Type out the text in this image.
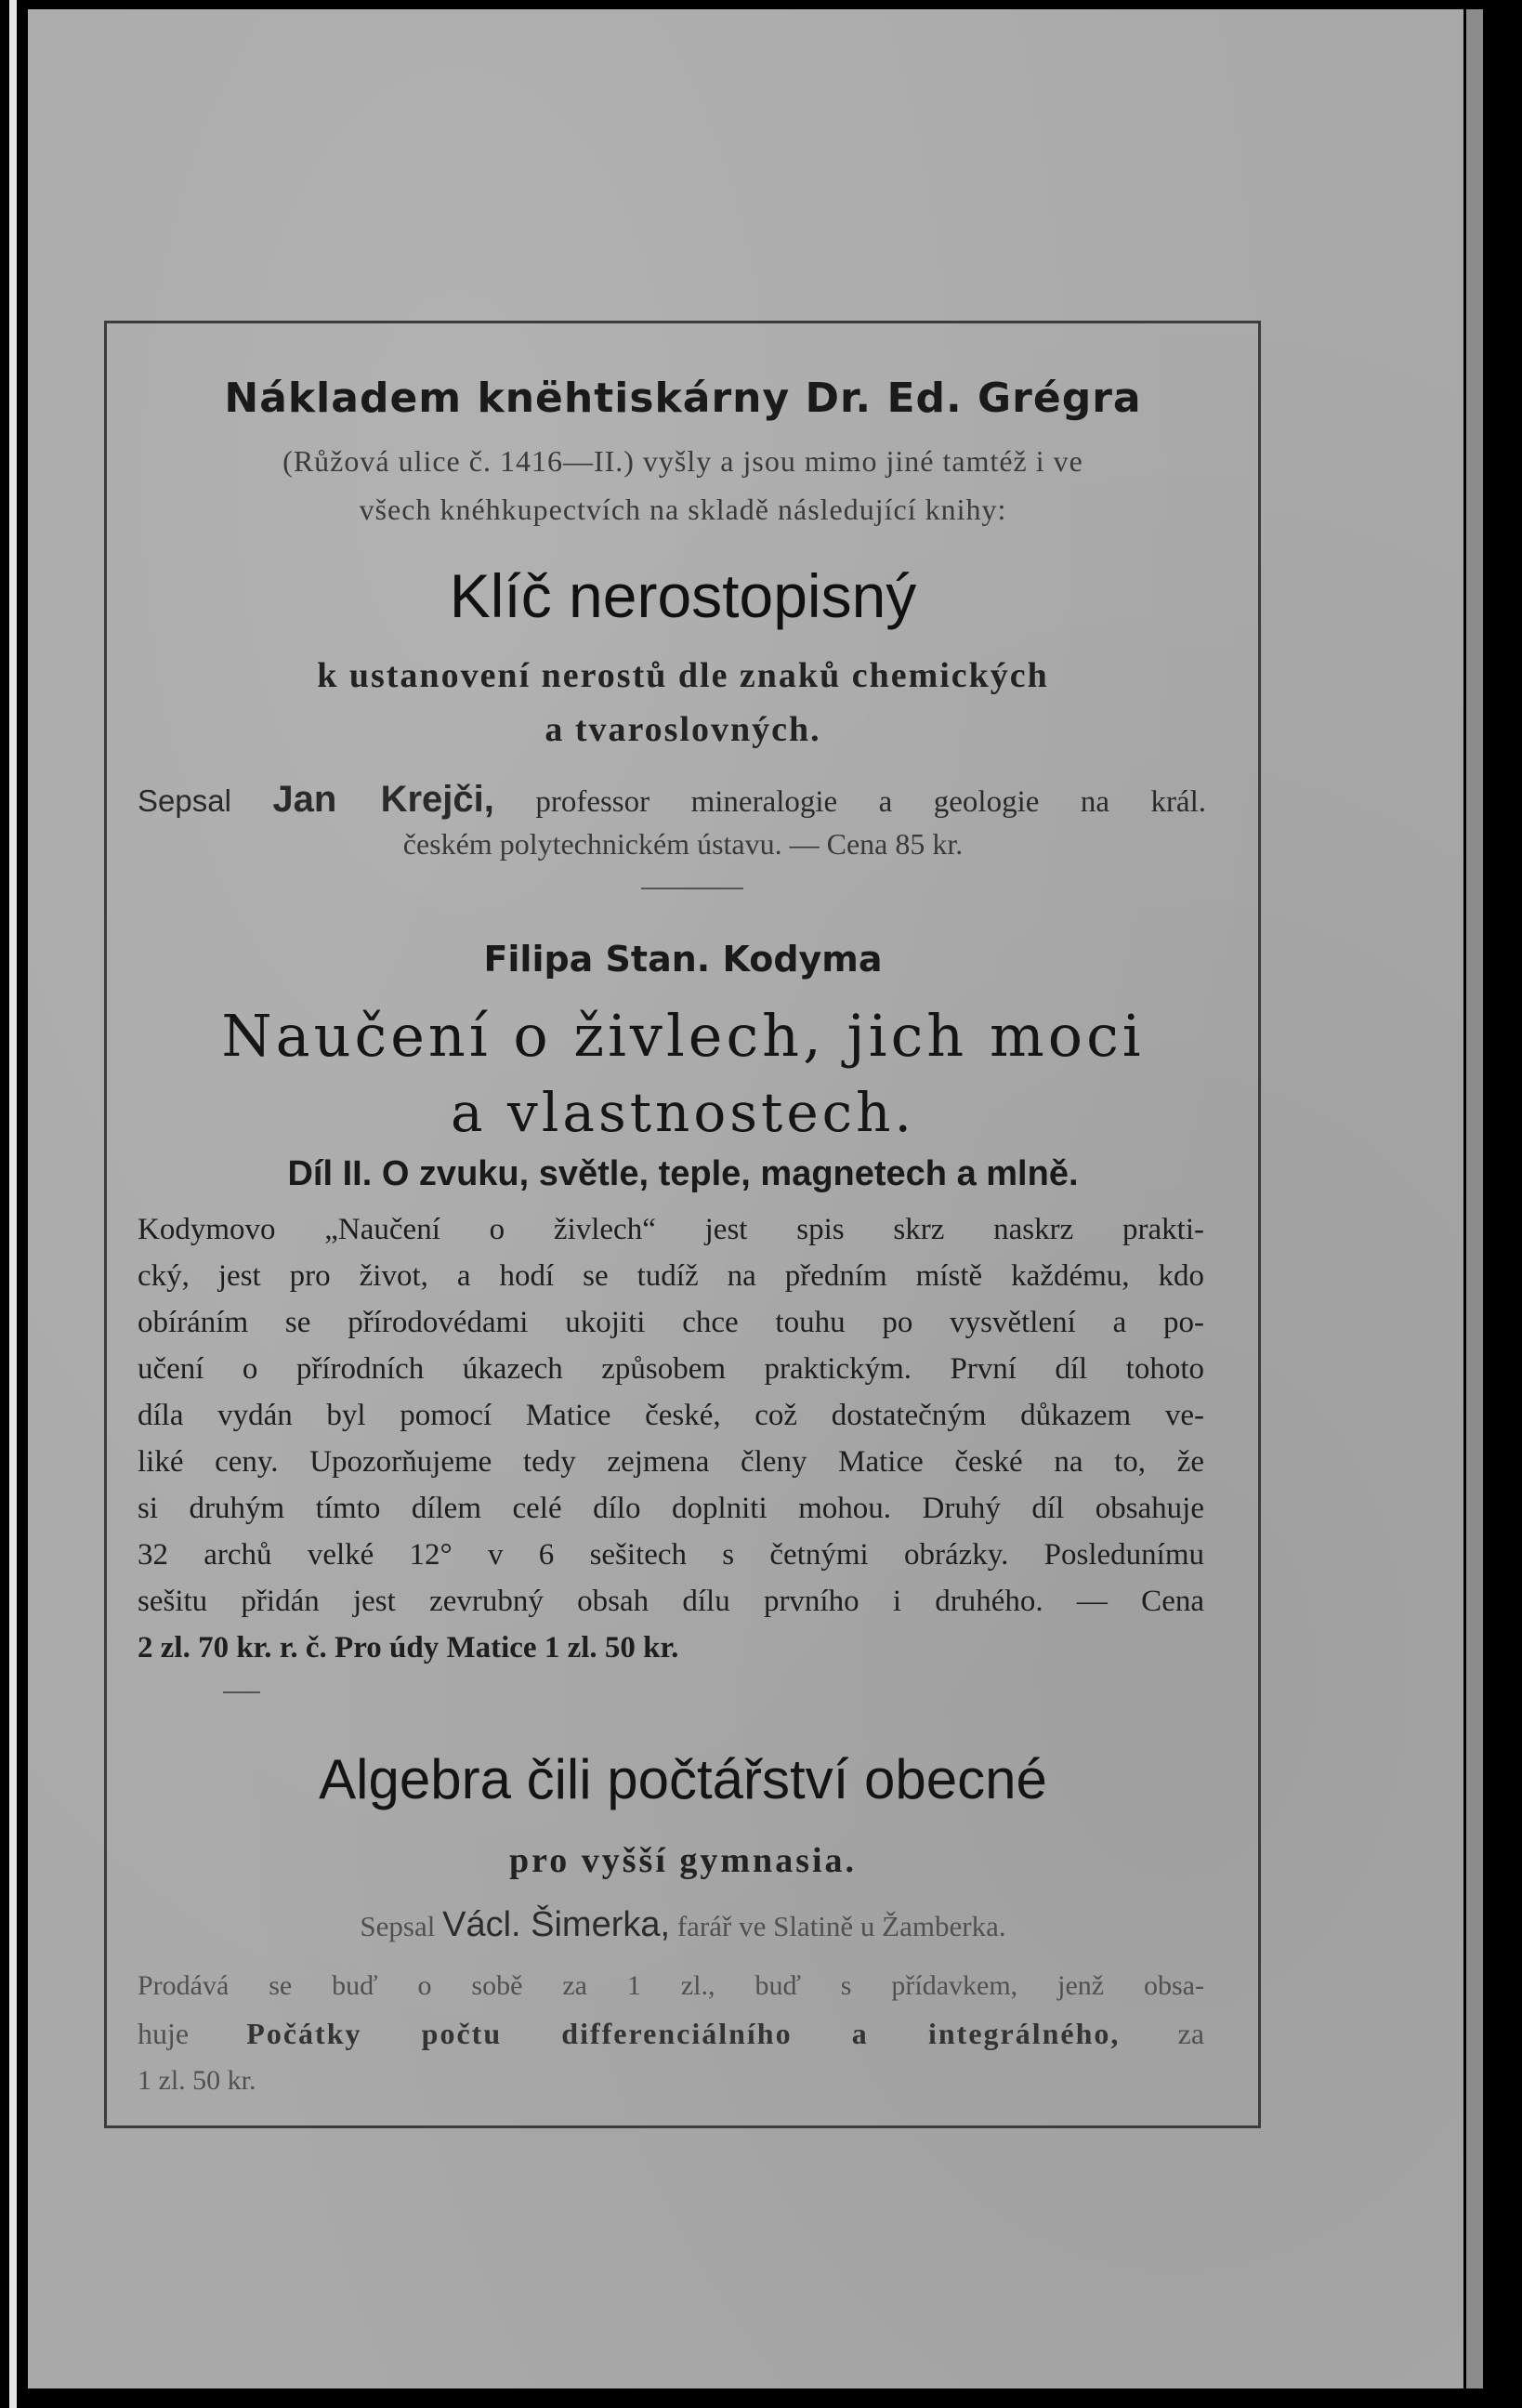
Nákladem knëhtiskárny Dr. Ed. Grégra
(Růžová ulice č. 1416—II.) vyšly a jsou mimo jiné tamtéž i ve
všech knéhkupectvích na skladě následující knihy:
Klíč nerostopisný
k ustanovení nerostů dle znaků chemických
a tvaroslovných.
Sepsal Jan Krejči, professor mineralogie a geologie na král.
českém polytechnickém ústavu. — Cena 85 kr.
Filipa Stan. Kodyma
Naučení o živlech, jich moci
a vlastnostech.
Díl II. O zvuku, světle, teple, magnetech a mlně.
Kodymovo „Naučení o živlech“ jest spis skrz naskrz prakti-
cký, jest pro život, a hodí se tudíž na předním místě každému, kdo
obíráním se přírodovédami ukojiti chce touhu po vysvětlení a po-
učení o přírodních úkazech způsobem praktickým. První díl tohoto
díla vydán byl pomocí Matice české, což dostatečným důkazem ve-
liké ceny. Upozorňujeme tedy zejmena členy Matice české na to, že
si druhým tímto dílem celé dílo doplniti mohou. Druhý díl obsahuje
32 archů velké 12° v 6 sešitech s četnými obrázky. Posledunímu
sešitu přidán jest zevrubný obsah dílu prvního i druhého. — Cena
2 zl. 70 kr. r. č. Pro údy Matice 1 zl. 50 kr.
Algebra čili počtářství obecné
pro vyšší gymnasia.
Sepsal Václ. Šimerka, farář ve Slatině u Žamberka.
Prodává se buď o sobě za 1 zl., buď s přídavkem, jenž obsa-
huje Počátky počtu differenciálního a integrálného, za
1 zl. 50 kr.
